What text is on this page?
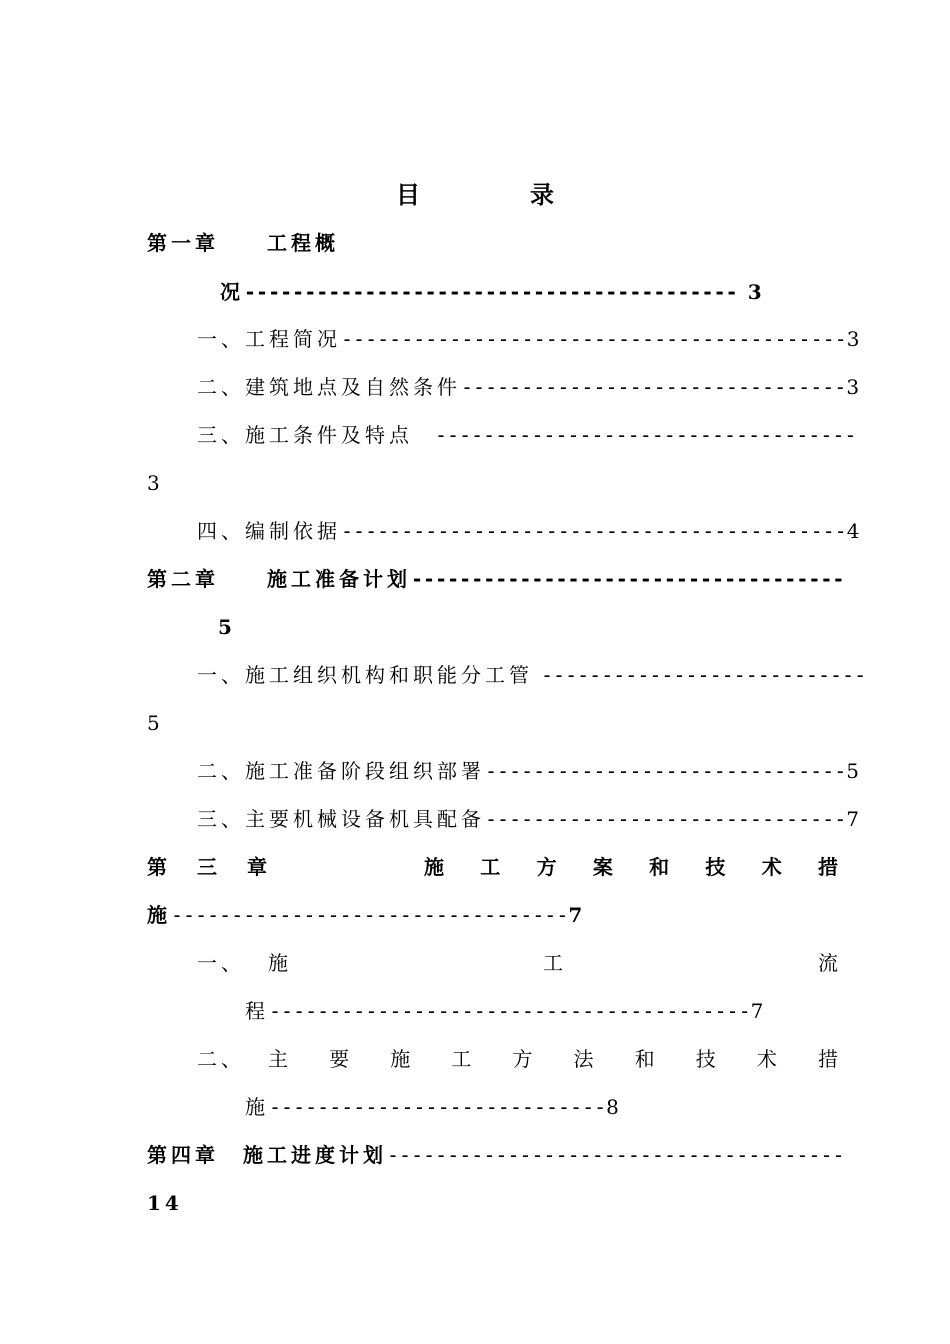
目	录
第一章 工程概
况----------------------------------------- 3
一、工程简况------------------------------------------3
二、建筑地点及自然条件--------------------------------3
三、施工条件及特点 -----------------------------------
3
四、编制依据------------------------------------------4
第二章 施工准备计划------------------------------------
5
一、施工组织机构和职能分工管 ---------------------------
5
二、施工准备阶段组织部署------------------------------5
三、主要机械设备机具配备------------------------------7
第 三 章	施 工 方 案 和 技 术 措
施---------------------------------7
一、 施	工	流
程----------------------------------------7
二、 主 要 施 工 方 法 和 技 术 措
施----------------------------8
第四章 施工进度计划--------------------------------------
14
